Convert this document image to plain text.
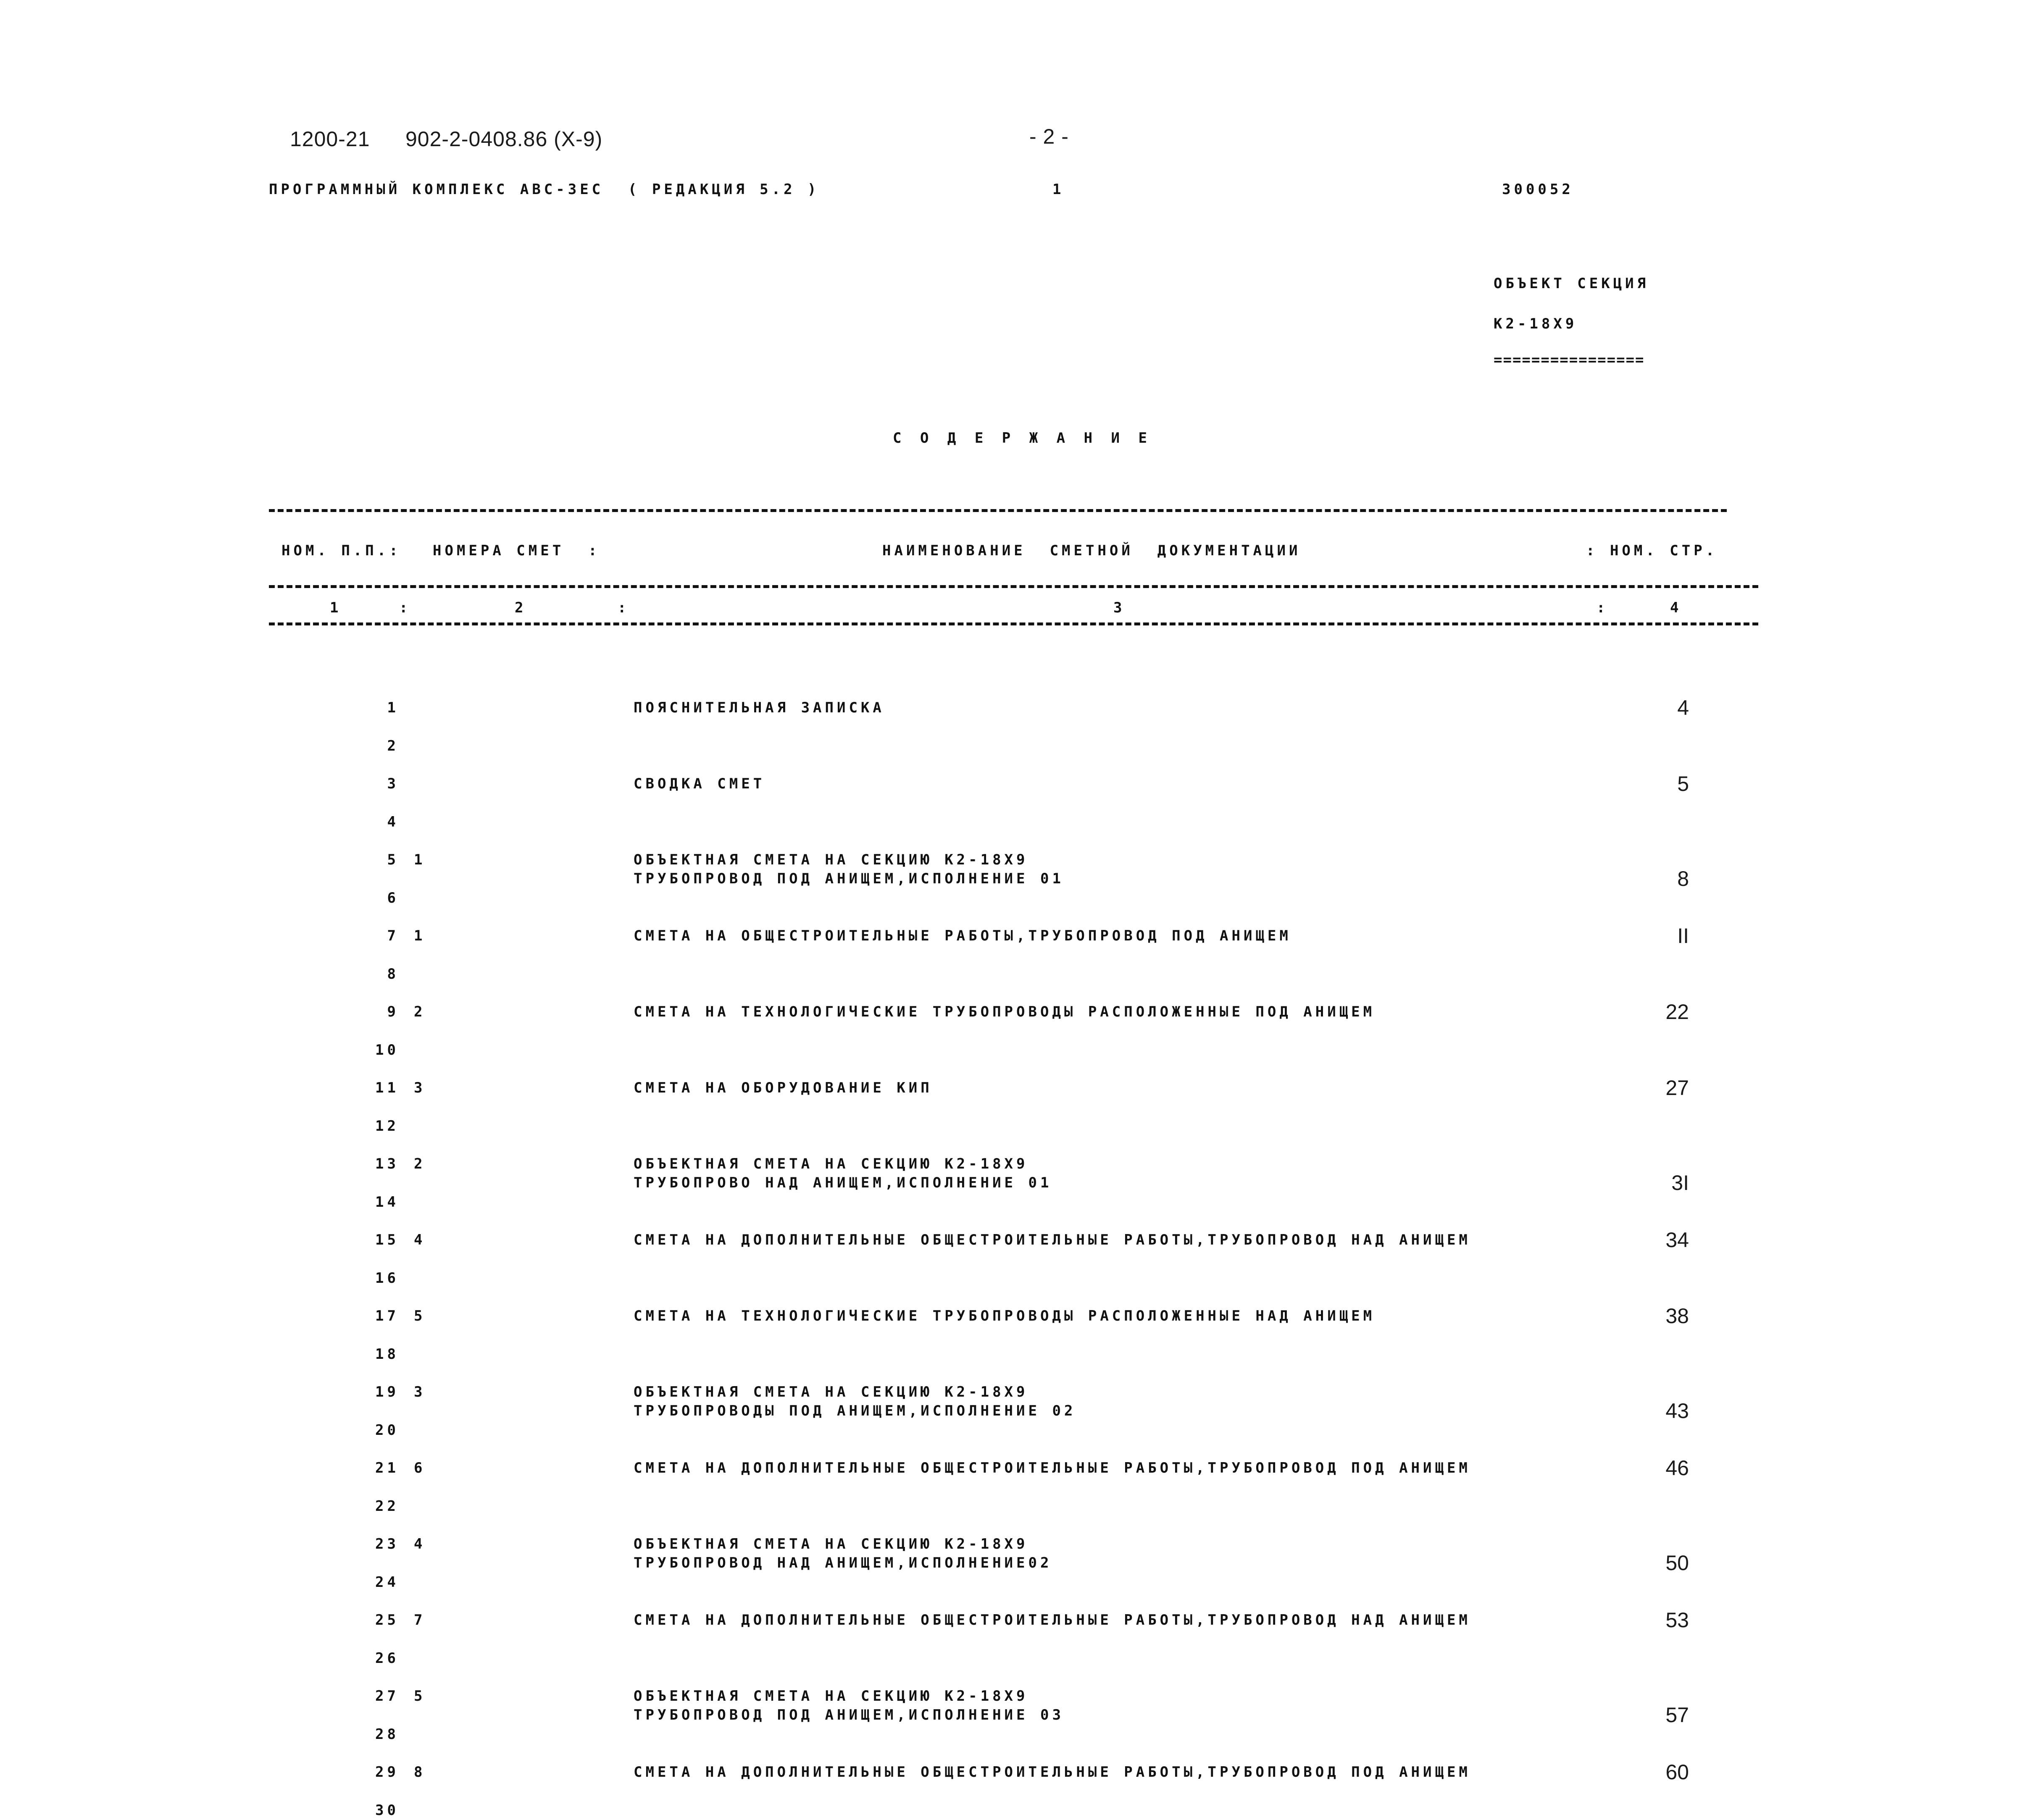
1200-21 902-2-0408.86 (X-9)	- 2 -
ПРОГРАММНЫЙ КОМПЛЕКС АВС-3ЕС ( РЕДАКЦИЯ 5.2 )	1	300052
ОБЪЕКТ СЕКЦИЯ
К2-18Х9
================
С О Д Е Р Ж А Н И Е
НОМ. П.П.: НОМЕРА СМЕТ  :	НАИМЕНОВАНИЕ  СМЕТНОЙ  ДОКУМЕНТАЦИИ	: НОМ. СТР.
1	:	2	:	3	:	4
1	ПОЯСНИТЕЛЬНАЯ ЗАПИСКА	4
2
3	СВОДКА СМЕТ	5
4
5 1	ОБЪЕКТНАЯ СМЕТА НА СЕКЦИЮ К2-18Х9
ТРУБОПРОВОД ПОД АНИЩЕМ,ИСПОЛНЕНИЕ 01	8
6
7 1	СМЕТА НА ОБЩЕСТРОИТЕЛЬНЫЕ РАБОТЫ,ТРУБОПРОВОД ПОД АНИЩЕМ	II
8
9 2	СМЕТА НА ТЕХНОЛОГИЧЕСКИЕ ТРУБОПРОВОДЫ РАСПОЛОЖЕННЫЕ ПОД АНИЩЕМ	22
10
11 3	СМЕТА НА ОБОРУДОВАНИЕ КИП	27
12
13 2	ОБЪЕКТНАЯ СМЕТА НА СЕКЦИЮ К2-18Х9
ТРУБОПРОВО НАД АНИЩЕМ,ИСПОЛНЕНИЕ 01	3I
14
15 4	СМЕТА НА ДОПОЛНИТЕЛЬНЫЕ ОБЩЕСТРОИТЕЛЬНЫЕ РАБОТЫ,ТРУБОПРОВОД НАД АНИЩЕМ	34
16
17 5	СМЕТА НА ТЕХНОЛОГИЧЕСКИЕ ТРУБОПРОВОДЫ РАСПОЛОЖЕННЫЕ НАД АНИЩЕМ	38
18
19 3	ОБЪЕКТНАЯ СМЕТА НА СЕКЦИЮ К2-18Х9
ТРУБОПРОВОДЫ ПОД АНИЩЕМ,ИСПОЛНЕНИЕ 02	43
20
21 6	СМЕТА НА ДОПОЛНИТЕЛЬНЫЕ ОБЩЕСТРОИТЕЛЬНЫЕ РАБОТЫ,ТРУБОПРОВОД ПОД АНИЩЕМ	46
22
23 4	ОБЪЕКТНАЯ СМЕТА НА СЕКЦИЮ К2-18Х9
ТРУБОПРОВОД НАД АНИЩЕМ,ИСПОЛНЕНИЕ02	50
24
25 7	СМЕТА НА ДОПОЛНИТЕЛЬНЫЕ ОБЩЕСТРОИТЕЛЬНЫЕ РАБОТЫ,ТРУБОПРОВОД НАД АНИЩЕМ	53
26
27 5	ОБЪЕКТНАЯ СМЕТА НА СЕКЦИЮ К2-18Х9
ТРУБОПРОВОД ПОД АНИЩЕМ,ИСПОЛНЕНИЕ 03	57
28
29 8	СМЕТА НА ДОПОЛНИТЕЛЬНЫЕ ОБЩЕСТРОИТЕЛЬНЫЕ РАБОТЫ,ТРУБОПРОВОД ПОД АНИЩЕМ	60
30
